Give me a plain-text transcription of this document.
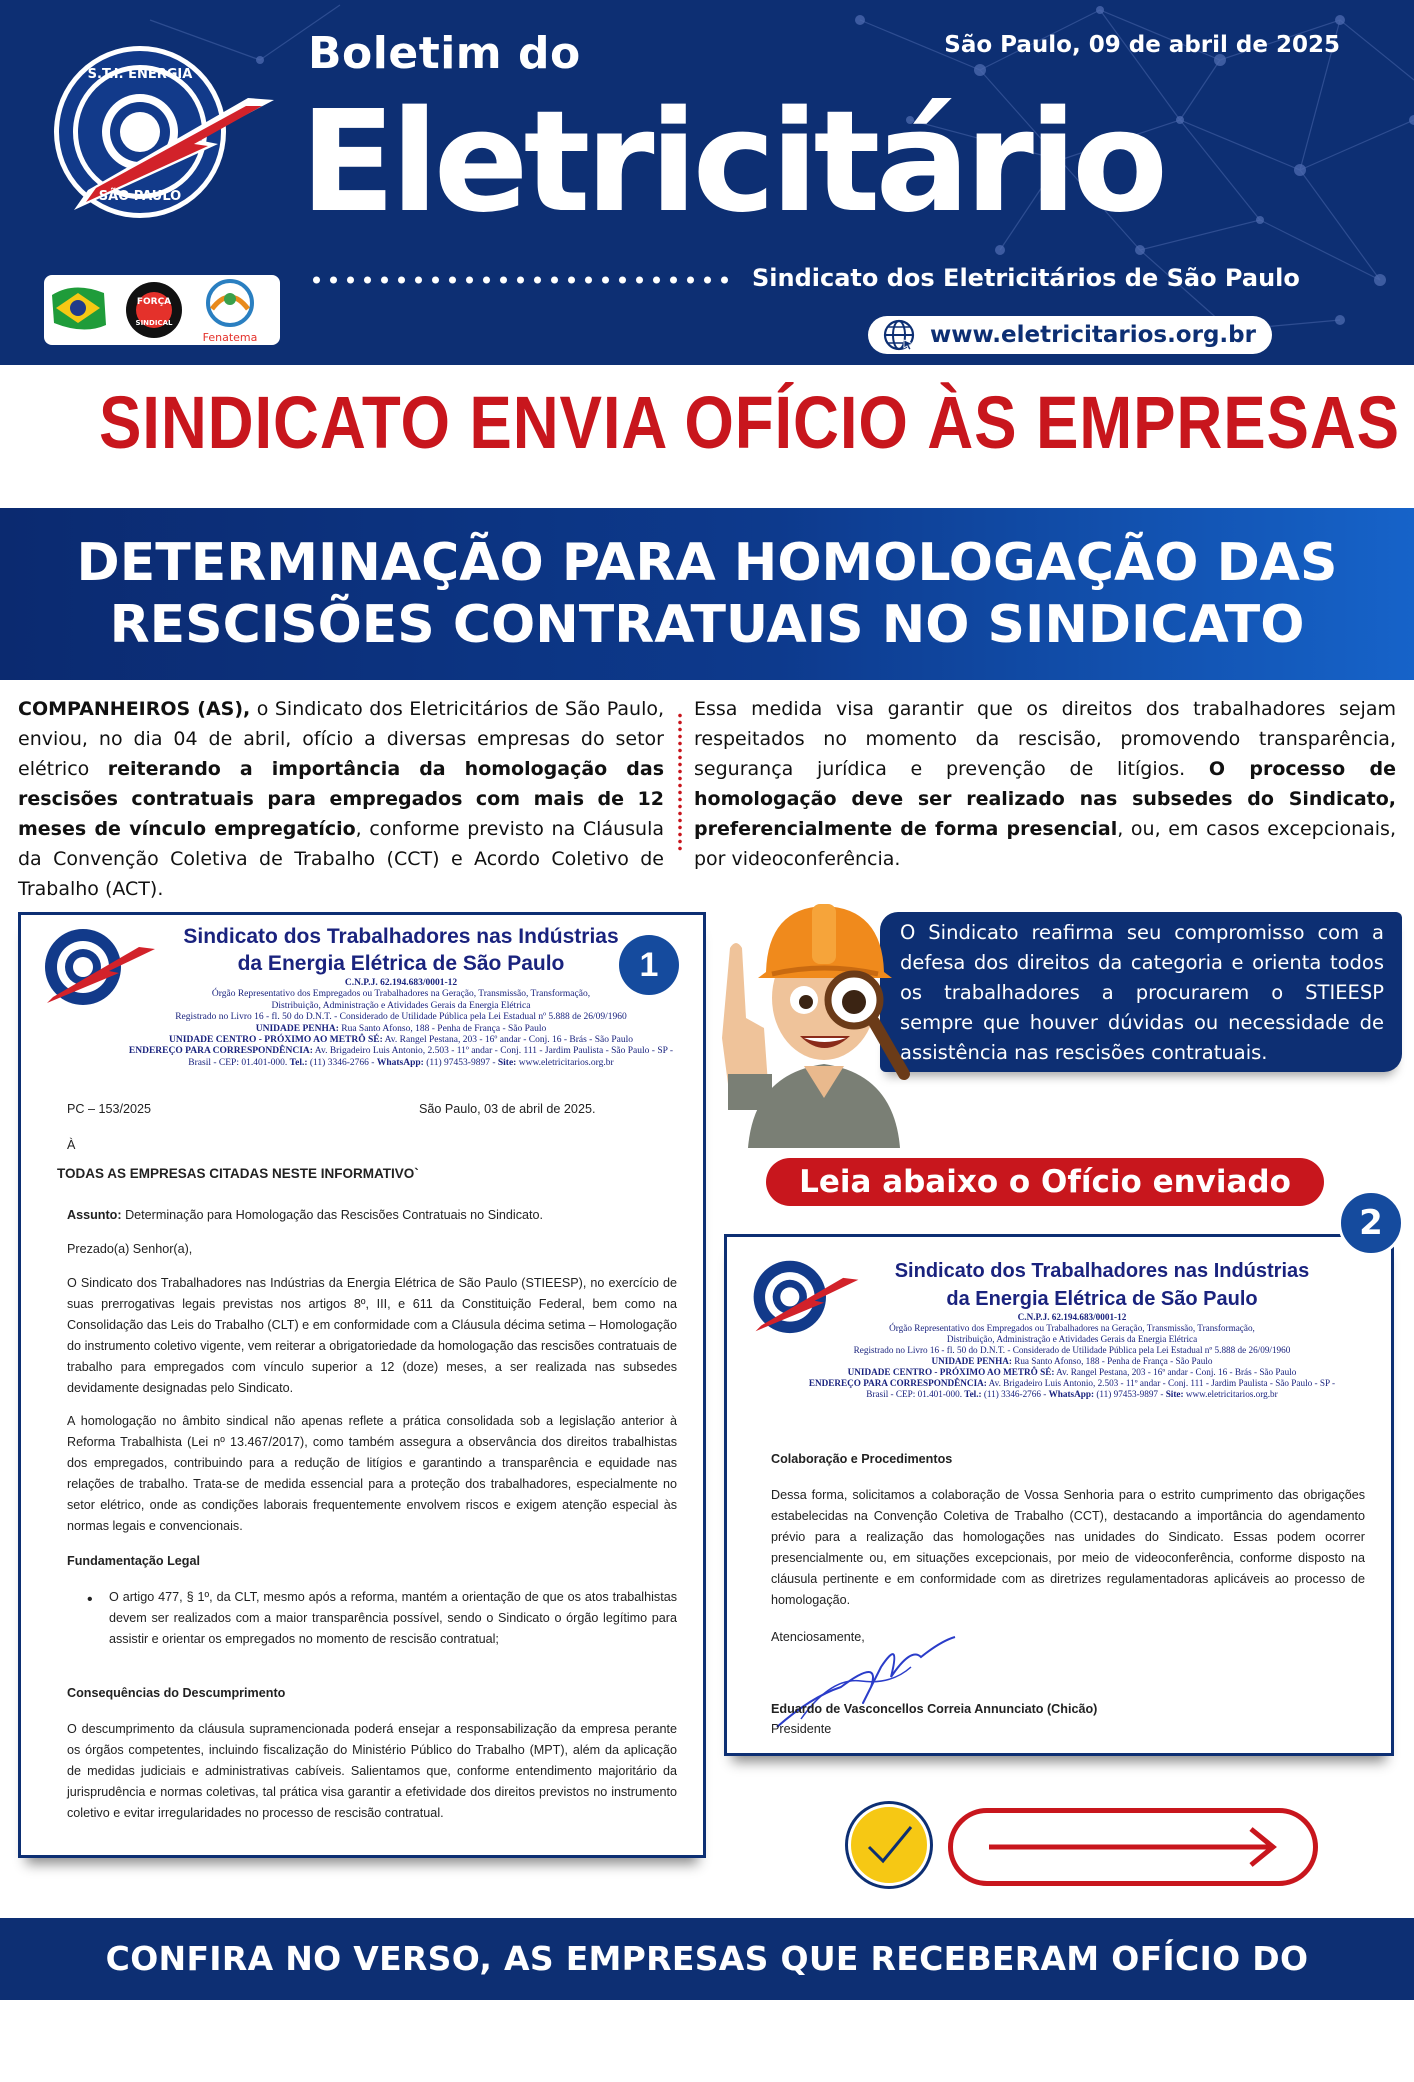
S.T.I. ENERGIA
SÃO PAULO
FORÇA
SINDICAL
Fenatema
Boletim do
Eletricitário
São Paulo, 09 de abril de 2025
Sindicato dos Eletricitários de São Paulo
www.eletricitarios.org.br
SINDICATO ENVIA OFÍCIO ÀS EMPRESAS
DETERMINAÇÃO PARA HOMOLOGAÇÃO DAS
RESCISÕES CONTRATUAIS NO SINDICATO
COMPANHEIROS (AS), o Sindicato dos Eletricitários de São Paulo, enviou, no dia 04 de abril, ofício a diversas empresas do setor elétrico reiterando a importância da homologação das rescisões contratuais para empregados com mais de 12 meses de vínculo empregatício, conforme previsto na Cláusula da Convenção Coletiva de Trabalho (CCT) e Acordo Coletivo de Trabalho (ACT).
Essa medida visa garantir que os direitos dos trabalhadores sejam respeitados no momento da rescisão, promovendo transparência, segurança jurídica e prevenção de litígios. O processo de homologação deve ser realizado nas subsedes do Sindicato, preferencialmente de forma presencial, ou, em casos excepcionais, por videoconferência.
Sindicato dos Trabalhadores nas Indústrias
da Energia Elétrica de São Paulo	1
C.N.P.J. 62.194.683/0001-12
Órgão Representativo dos Empregados ou Trabalhadores na Geração, Transmissão, Transformação,
Distribuição, Administração e Atividades Gerais da Energia Elétrica
Registrado no Livro 16 - fl. 50 do D.N.T. - Considerado de Utilidade Pública pela Lei Estadual nº 5.888 de 26/09/1960
UNIDADE PENHA: Rua Santo Afonso, 188 - Penha de França - São Paulo
UNIDADE CENTRO - PRÓXIMO AO METRÔ SÉ: Av. Rangel Pestana, 203 - 16º andar - Conj. 16 - Brás - São Paulo
ENDEREÇO PARA CORRESPONDÊNCIA: Av. Brigadeiro Luis Antonio, 2.503 - 11º andar - Conj. 111 - Jardim Paulista - São Paulo - SP -
Brasil - CEP: 01.401-000. Tel.: (11) 3346-2766 - WhatsApp: (11) 97453-9897 - Site: www.eletricitarios.org.br
PC – 153/2025	São Paulo, 03 de abril de 2025.
À
TODAS AS EMPRESAS CITADAS NESTE INFORMATIVO`
Assunto: Determinação para Homologação das Rescisões Contratuais no Sindicato.
Prezado(a) Senhor(a),

O Sindicato dos Trabalhadores nas Indústrias da Energia Elétrica de São Paulo (STIEESP), no exercício de suas prerrogativas legais previstas nos artigos 8º, III, e 611 da Constituição Federal, bem como na Consolidação das Leis do Trabalho (CLT) e em conformidade com a Cláusula décima setima – Homologação do instrumento coletivo vigente, vem reiterar a obrigatoriedade da homologação das rescisões contratuais de trabalho para empregados com vínculo superior a 12 (doze) meses, a ser realizada nas subsedes devidamente designadas pelo Sindicato.

A homologação no âmbito sindical não apenas reflete a prática consolidada sob a legislação anterior à Reforma Trabalhista (Lei nº 13.467/2017), como também assegura a observância dos direitos trabalhistas dos empregados, contribuindo para a redução de litígios e garantindo a transparência e equidade nas relações de trabalho. Trata-se de medida essencial para a proteção dos trabalhadores, especialmente no setor elétrico, onde as condições laborais frequentemente envolvem riscos e exigem atenção especial às normas legais e convencionais.

Fundamentação Legal
• O artigo 477, § 1º, da CLT, mesmo após a reforma, mantém a orientação de que os atos trabalhistas devem ser realizados com a maior transparência possível, sendo o Sindicato o órgão legítimo para assistir e orientar os empregados no momento de rescisão contratual;

Consequências do Descumprimento

O descumprimento da cláusula supramencionada poderá ensejar a responsabilização da empresa perante os órgãos competentes, incluindo fiscalização do Ministério Público do Trabalho (MPT), além da aplicação de medidas judiciais e administrativas cabíveis. Salientamos que, conforme entendimento majoritário da jurisprudência e normas coletivas, tal prática visa garantir a efetividade dos direitos previstos no instrumento coletivo e evitar irregularidades no processo de rescisão contratual.

O Sindicato reafirma seu compromisso com a defesa dos direitos da categoria e orienta todos os trabalhadores a procurarem o STIEESP sempre que houver dúvidas ou necessidade de assistência nas rescisões contratuais.
Leia abaixo o Ofício enviado
Sindicato dos Trabalhadores nas Indústrias
da Energia Elétrica de São Paulo
C.N.P.J. 62.194.683/0001-12
Órgão Representativo dos Empregados ou Trabalhadores na Geração, Transmissão, Transformação,
Distribuição, Administração e Atividades Gerais da Energia Elétrica
Registrado no Livro 16 - fl. 50 do D.N.T. - Considerado de Utilidade Pública pela Lei Estadual nº 5.888 de 26/09/1960
UNIDADE PENHA: Rua Santo Afonso, 188 - Penha de França - São Paulo
UNIDADE CENTRO - PRÓXIMO AO METRÔ SÉ: Av. Rangel Pestana, 203 - 16º andar - Conj. 16 - Brás - São Paulo
ENDEREÇO PARA CORRESPONDÊNCIA: Av. Brigadeiro Luis Antonio, 2.503 - 11º andar - Conj. 111 - Jardim Paulista - São Paulo - SP -
Brasil - CEP: 01.401-000. Tel.: (11) 3346-2766 - WhatsApp: (11) 97453-9897 - Site: www.eletricitarios.org.br
Colaboração e Procedimentos

Dessa forma, solicitamos a colaboração de Vossa Senhoria para o estrito cumprimento das obrigações estabelecidas na Convenção Coletiva de Trabalho (CCT), destacando a importância do agendamento prévio para a realização das homologações nas unidades do Sindicato. Essas podem ocorrer presencialmente ou, em situações excepcionais, por meio de videoconferência, conforme disposto na cláusula pertinente e em conformidade com as diretrizes regulamentadoras aplicáveis ao processo de homologação.

Atenciosamente,
Eduardo de Vasconcellos Correia Annunciato (Chicão)
Presidente
2
CONFIRA NO VERSO, AS EMPRESAS QUE RECEBERAM OFÍCIO DO SINDICATO
